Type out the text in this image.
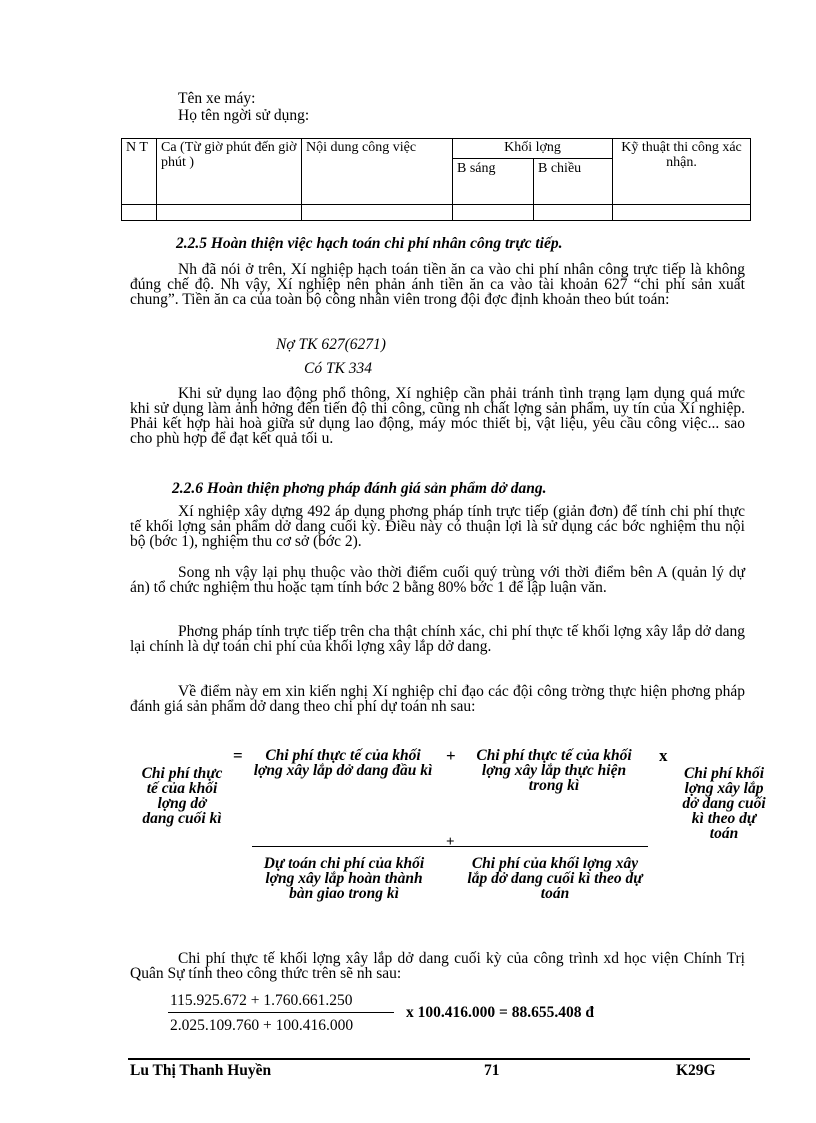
Tên xe máy:
Họ tên ngời sử dụng:
N T	Ca (Từ giờ phút đến giờ phút )	Nội dung công việc	Khối lợng		Kỹ thuật thi công xác nhận.
			B sáng	B chiều	

2.2.5 Hoàn thiện việc hạch toán chi phí nhân công trực tiếp.
Nh đã nói ở trên, Xí nghiệp hạch toán tiền ăn ca vào chi phí nhân công trực tiếp là không đúng chế độ. Nh vậy, Xí nghiệp nên phản ánh tiền ăn ca vào tài khoản 627 “chi phí sản xuất chung”. Tiền ăn ca của toàn bộ công nhân viên trong đội đợc định khoản theo bút toán:
Nợ TK 627(6271)
Có TK 334
Khi sử dụng lao động phổ thông, Xí nghiệp cần phải tránh tình trạng lạm dụng quá mức khi sử dụng làm ảnh hởng đến tiến độ thi công, cũng nh chất lợng sản phẩm, uy tín của Xí nghiệp. Phải kết hợp hài hoà giữa sử dụng lao động, máy móc thiết bị, vật liệu, yêu cầu công việc... sao cho phù hợp để đạt kết quả tối u.
2.2.6 Hoàn thiện phơng pháp đánh giá sản phẩm dở dang.
Xí nghiệp xây dựng 492 áp dụng phơng pháp tính trực tiếp (giản đơn) để tính chi phí thực tế khối lợng sản phẩm dở dang cuối kỳ. Điều này có thuận lợi là sử dụng các bớc nghiệm thu nội bộ (bớc 1), nghiệm thu cơ sở (bớc 2).
Song nh vậy lại phụ thuộc vào thời điểm cuối quý trùng với thời điểm bên A (quản lý dự án) tổ chức nghiệm thu hoặc tạm tính bớc 2 bằng 80% bớc 1 để lập luận văn.
Phơng pháp tính trực tiếp trên cha thật chính xác, chi phí thực tế khối lợng xây lắp dở dang lại chính là dự toán chi phí của khối lợng xây lắp dở dang.
Về điểm này em xin kiến nghị Xí nghiệp chỉ đạo các đội công trờng thực hiện phơng pháp đánh giá sản phẩm dở dang theo chi phí dự toán nh sau:
Chi phí thực tế của khối lợng dở dang cuối kì
=	Chi phí thực tế của khối lợng xây lắp dở dang đầu kì
+	Chi phí thực tế của khối lợng xây lắp thực hiện trong kì
x
Chi phí khối lợng xây lắp dở dang cuối kì theo dự toán
+
Dự toán chi phí của khối lợng xây lắp hoàn thành bàn giao trong kì
Chi phí của khối lợng xây lắp dở dang cuối kì theo dự toán
Chi phí thực tế khối lợng xây lắp dở dang cuối kỳ của công trình xd học viện Chính Trị Quân Sự tính theo công thức trên sẽ nh sau:
115.925.672 + 1.760.661.250
2.025.109.760 + 100.416.000
x 100.416.000 = 88.655.408 đ
Lu Thị Thanh Huyền	71	K29G
